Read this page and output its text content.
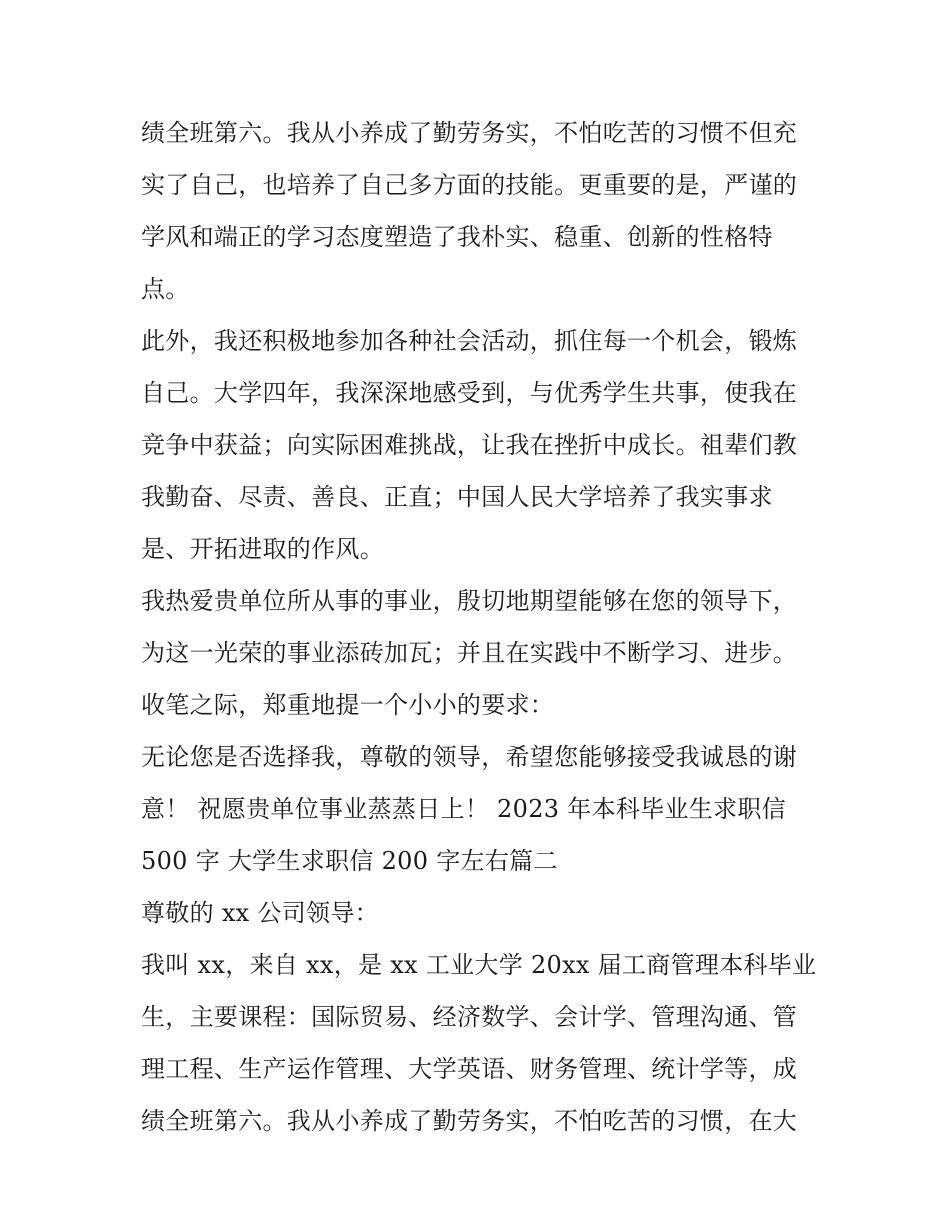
绩全班第六。我从小养成了勤劳务实，不怕吃苦的习惯不但充
实了自己，也培养了自己多方面的技能。更重要的是，严谨的
学风和端正的学习态度塑造了我朴实、稳重、创新的性格特
点。
此外，我还积极地参加各种社会活动，抓住每一个机会，锻炼
自己。大学四年，我深深地感受到，与优秀学生共事，使我在
竞争中获益；向实际困难挑战，让我在挫折中成长。祖辈们教
我勤奋、尽责、善良、正直；中国人民大学培养了我实事求
是、开拓进取的作风。
我热爱贵单位所从事的事业，殷切地期望能够在您的领导下，
为这一光荣的事业添砖加瓦；并且在实践中不断学习、进步。
收笔之际，郑重地提一个小小的要求：
无论您是否选择我，尊敬的领导，希望您能够接受我诚恳的谢
意！ 祝愿贵单位事业蒸蒸日上！ 2023 年本科毕业生求职信
500 字 大学生求职信 200 字左右篇二
尊敬的 xx 公司领导：
我叫 xx，来自 xx，是 xx 工业大学 20xx 届工商管理本科毕业
生，主要课程：国际贸易、经济数学、会计学、管理沟通、管
理工程、生产运作管理、大学英语、财务管理、统计学等，成
绩全班第六。我从小养成了勤劳务实，不怕吃苦的习惯，在大
